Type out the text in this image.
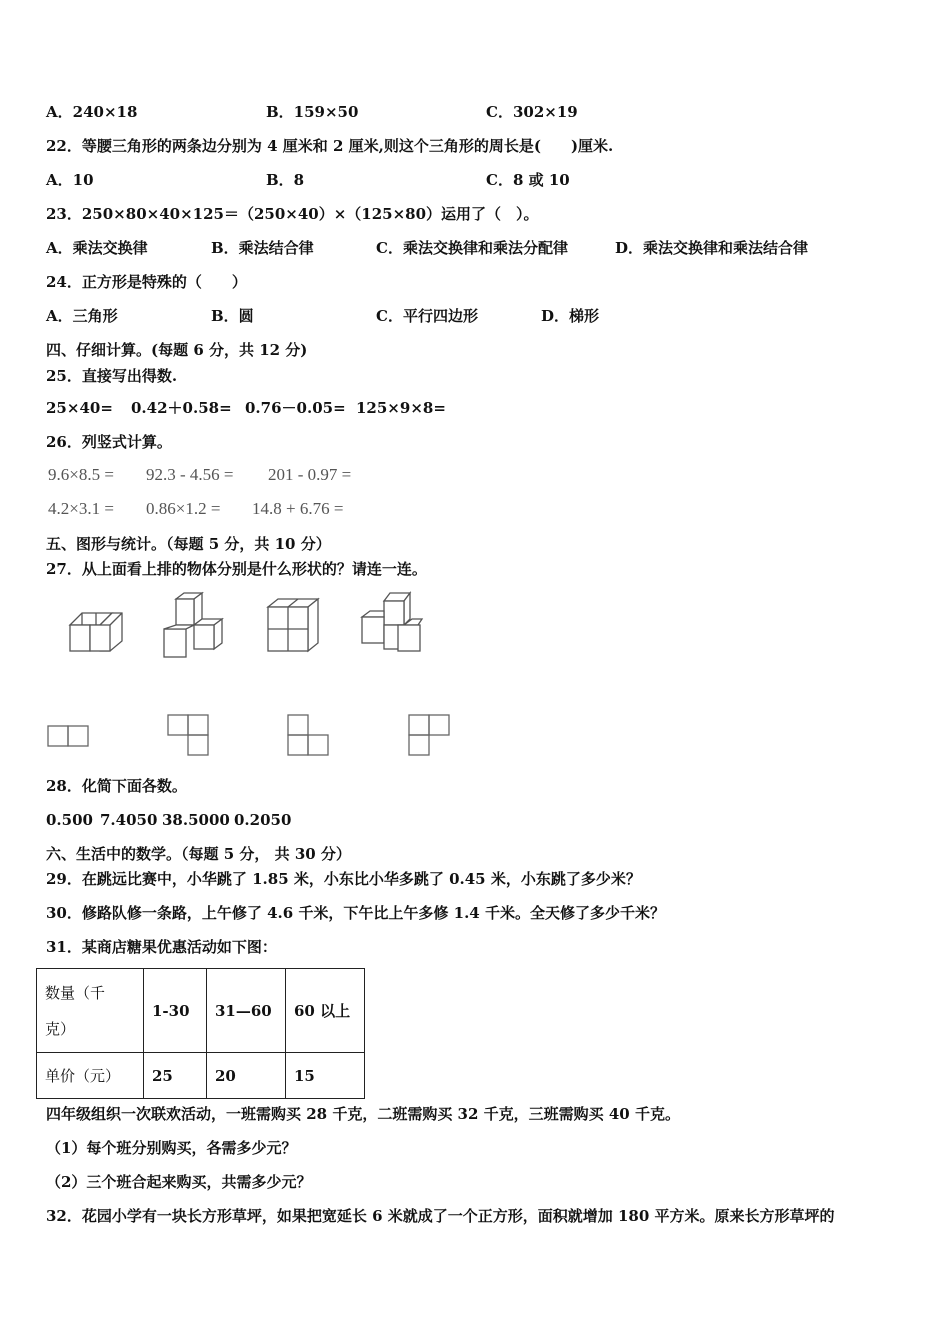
A．240×18	B．159×50	C．302×19
22．等腰三角形的两条边分别为 4 厘米和 2 厘米,则这个三角形的周长是(　　)厘米.
A．10	B．8	C．8 或 10
23．250×80×40×125＝（250×40）×（125×80）运用了（　）。
A．乘法交换律	B．乘法结合律	C．乘法交换律和乘法分配律	D．乘法交换律和乘法结合律
24．正方形是特殊的（　　）
A．三角形	B．圆	C．平行四边形	D．梯形
四、仔细计算。(每题 6 分，共 12 分)
25．直接写出得数.
25×40= 0.42＋0.58= 0.76－0.05= 125×9×8=
26．列竖式计算。
9.6×8.5 = 92.3 - 4.56 = 201 - 0.97 =
4.2×3.1 = 0.86×1.2 = 14.8 + 6.76 =
五、图形与统计。（每题 5 分，共 10 分）
27．从上面看上排的物体分别是什么形状的？请连一连。
28．化简下面各数。
0.500 7.4050 38.5000 0.2050
六、生活中的数学。（每题 5 分， 共 30 分）
29．在跳远比赛中，小华跳了 1.85 米，小东比小华多跳了 0.45 米，小东跳了多少米？
30．修路队修一条路，上午修了 4.6 千米，下午比上午多修 1.4 千米。全天修了多少千米？
31．某商店糖果优惠活动如下图：
数量（千
克）	1-30	31—60	60 以上
单价（元）	25	20	15
四年级组织一次联欢活动，一班需购买 28 千克，二班需购买 32 千克，三班需购买 40 千克。
（1）每个班分别购买，各需多少元？
（2）三个班合起来购买，共需多少元？
32．花园小学有一块长方形草坪，如果把宽延长 6 米就成了一个正方形，面积就增加 180 平方米。原来长方形草坪的
